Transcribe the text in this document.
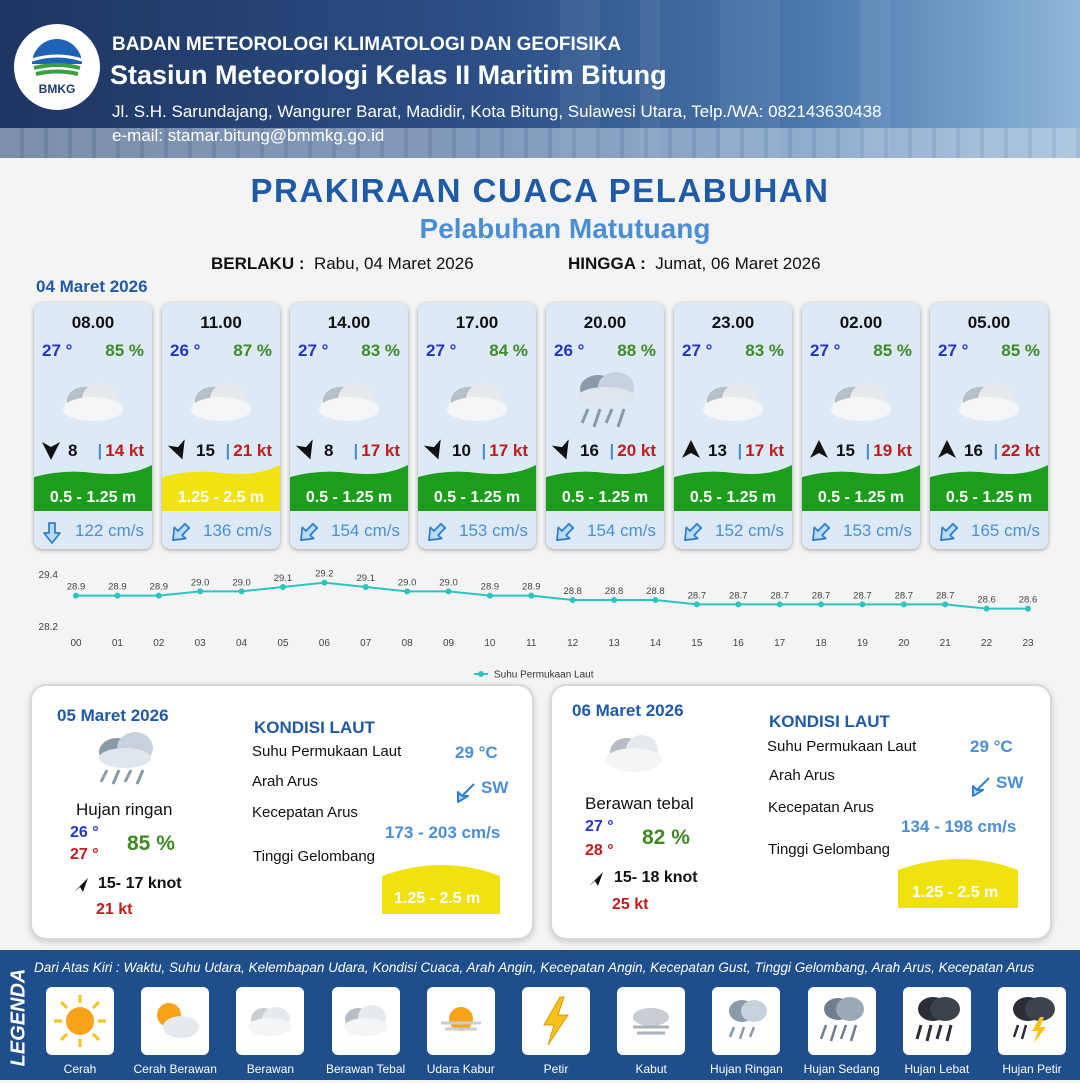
BMKG
BADAN METEOROLOGI KLIMATOLOGI DAN GEOFISIKA
Stasiun Meteorologi Kelas II Maritim Bitung
Jl. S.H. Sarundajang, Wangurer Barat, Madidir, Kota Bitung, Sulawesi Utara, Telp./WA: 082143630438
e-mail: stamar.bitung@bmmkg.go.id
PRAKIRAAN CUACA PELABUHAN
Pelabuhan Matutuang
BERLAKU : Rabu, 04 Maret 2026	HINGGA : Jumat, 06 Maret 2026
04 Maret 2026
08.00
27 ° 85 %
8 | 14 kt
0.5 - 1.25 m
122 cm/s
11.00
26 ° 87 %
15 | 21 kt
1.25 - 2.5 m
136 cm/s
14.00
27 ° 83 %
8 | 17 kt
0.5 - 1.25 m
154 cm/s
17.00
27 ° 84 %
10 | 17 kt
0.5 - 1.25 m
153 cm/s
20.00
26 ° 88 %
16 | 20 kt
0.5 - 1.25 m
154 cm/s
23.00
27 ° 83 %
13 | 17 kt
0.5 - 1.25 m
152 cm/s
02.00
27 ° 85 %
15 | 19 kt
0.5 - 1.25 m
153 cm/s
05.00
27 ° 85 %
16 | 22 kt
0.5 - 1.25 m
165 cm/s
28.2
29.4
28.9
00
28.9
01
28.9
02
29.0
03
29.0
04
29.1
05
29.2
06
29.1
07
29.0
08
29.0
09
28.9
10
28.9
11
28.8
12
28.8
13
28.8
14
28.7
15
28.7
16
28.7
17
28.7
18
28.7
19
28.7
20
28.7
21
28.6
22
28.6
23
Suhu Permukaan Laut
05 Maret 2026
Hujan ringan
26 °
27 ° 85 %
15- 17 knot
21 kt
KONDISI LAUT
Suhu Permukaan Laut	29 °C
Arah Arus	SW
Kecepatan Arus
173 - 203 cm/s
Tinggi Gelombang
1.25 - 2.5 m
06 Maret 2026
Berawan tebal
27 °
28 °
82 %
15- 18 knot
25 kt
KONDISI LAUT
Suhu Permukaan Laut	29 °C
Arah Arus	SW
Kecepatan Arus
134 - 198 cm/s
Tinggi Gelombang
1.25 - 2.5 m
LEGENDA
Dari Atas Kiri : Waktu, Suhu Udara, Kelembapan Udara, Kondisi Cuaca, Arah Angin, Kecepatan Angin, Kecepatan Gust, Tinggi Gelombang, Arah Arus, Kecepatan Arus
Cerah	Cerah Berawan	Berawan	Berawan Tebal	Udara Kabur	Petir	Kabut	Hujan Ringan	Hujan Sedang	Hujan Lebat	Hujan Petir
